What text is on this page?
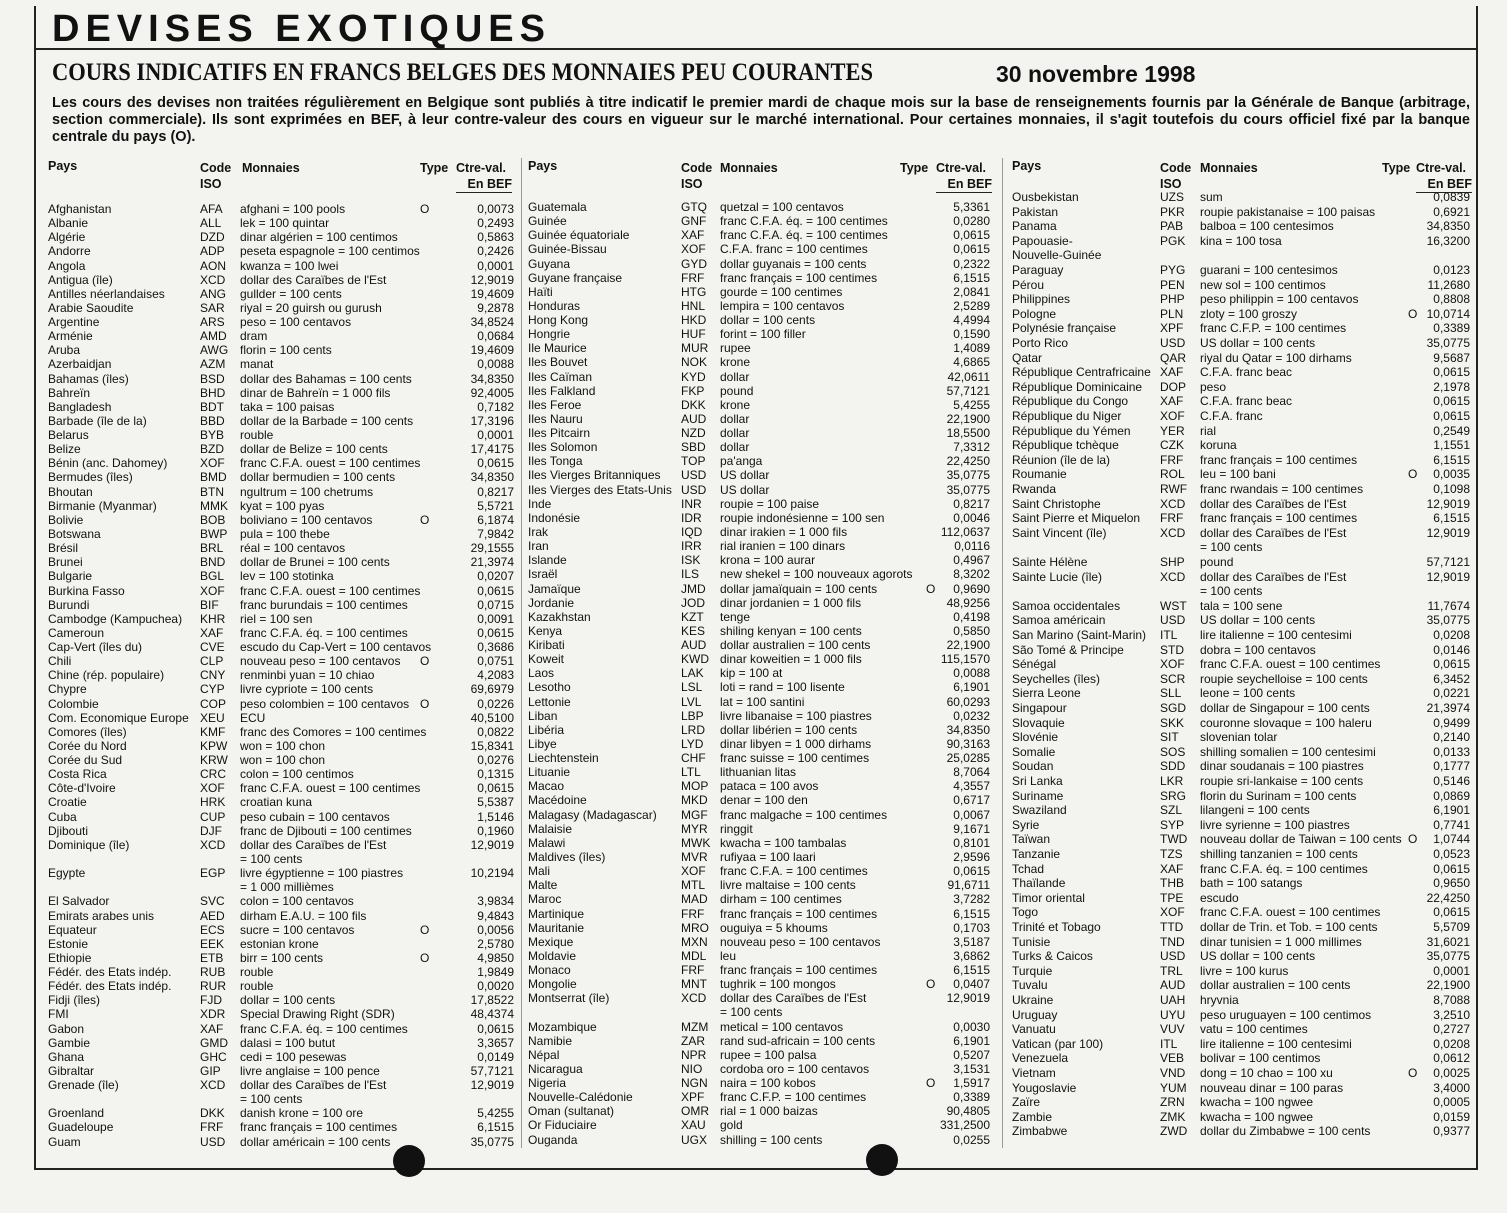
DEVISES EXOTIQUES
COURS INDICATIFS EN FRANCS BELGES DES MONNAIES PEU COURANTES	30 novembre 1998

Les cours des devises non traitées régulièrement en Belgique sont publiés à titre indicatif le premier mardi de chaque mois sur la base de renseignements fournis par la Générale de Banque (arbitrage, section commerciale). Ils sont exprimées en BEF, à leur contre-valeur des cours en vigueur sur le marché international. Pour certaines monnaies, il s'agit toutefois du cours officiel fixé par la banque centrale du pays (O).

Pays	Code
ISO
Monnaies	Type Ctre-val.
En BEF
Afghanistan	AFA	afghani = 100 pools	O	0,0073
Albanie	ALL	lek = 100 quintar	0,2493
Algérie	DZD	dinar algérien = 100 centimos	0,5863
Andorre	ADP	peseta espagnole = 100 centimos	0,2426
Angola	AON	kwanza = 100 lwei	0,0001
Antigua (île)	XCD	dollar des Caraïbes de l'Est	12,9019
Antilles néerlandaises	ANG	gullder = 100 cents	19,4609
Arabie Saoudite	SAR	riyal = 20 guirsh ou gurush	9,2878
Argentine	ARS	peso = 100 centavos	34,8524
Arménie	AMD	dram	0,0684
Aruba	AWG florin = 100 cents	19,4609
Azerbaidjan	AZM	manat	0,0088
Bahamas (îles)	BSD	dollar des Bahamas = 100 cents	34,8350
Bahreïn	BHD	dinar de Bahreïn = 1 000 fils	92,4005
Bangladesh	BDT	taka = 100 paisas	0,7182
Barbade (île de la)	BBD	dollar de la Barbade = 100 cents	17,3196
Belarus	BYB	rouble	0,0001
Belize	BZD	dollar de Belize = 100 cents	17,4175
Bénin (anc. Dahomey)	XOF	franc C.F.A. ouest = 100 centimes	0,0615
Bermudes (îles)	BMD	dollar bermudien = 100 cents	34,8350
Bhoutan	BTN	ngultrum = 100 chetrums	0,8217
Birmanie (Myanmar)	MMK	kyat = 100 pyas	5,5721
Bolivie	BOB	boliviano = 100 centavos	O	6,1874
Botswana	BWP	pula = 100 thebe	7,9842
Brésil	BRL	réal = 100 centavos	29,1555
Brunei	BND	dollar de Brunei = 100 cents	21,3974
Bulgarie	BGL	lev = 100 stotinka	0,0207
Burkina Fasso	XOF	franc C.F.A. ouest = 100 centimes	0,0615
Burundi	BIF	franc burundais = 100 centimes	0,0715
Cambodge (Kampuchea)	KHR	riel = 100 sen	0,0091
Cameroun	XAF	franc C.F.A. éq. = 100 centimes	0,0615
Cap-Vert (îles du)	CVE	escudo du Cap-Vert = 100 centavos	0,3686
Chili	CLP	nouveau peso = 100 centavos	O	0,0751
Chine (rép. populaire)	CNY	renminbi yuan = 10 chiao	4,2083
Chypre	CYP	livre cypriote = 100 cents	69,6979
Colombie	COP	peso colombien = 100 centavos O	0,0226
Com. Economique Europe XEU	ECU	40,5100
Comores (îles)	KMF	franc des Comores = 100 centimes	0,0822
Corée du Nord	KPW	won = 100 chon	15,8341
Corée du Sud	KRW	won = 100 chon	0,0276
Costa Rica	CRC	colon = 100 centimos	0,1315
Côte-d'Ivoire	XOF	franc C.F.A. ouest = 100 centimes	0,0615
Croatie	HRK	croatian kuna	5,5387
Cuba	CUP	peso cubain = 100 centavos	1,5146
Djibouti	DJF	franc de Djibouti = 100 centimes	0,1960
Dominique (île)	XCD	dollar des Caraïbes de l'Est	12,9019
= 100 cents
Egypte	EGP	livre égyptienne = 100 piastres	10,2194
= 1 000 millièmes
El Salvador	SVC	colon = 100 centavos	3,9834
Emirats arabes unis	AED	dirham E.A.U. = 100 fils	9,4843
Equateur	ECS	sucre = 100 centavos	O	0,0056
Estonie	EEK	estonian krone	2,5780
Ethiopie	ETB	birr = 100 cents	O	4,9850
Fédér. des Etats indép.	RUB	rouble	1,9849
Fédér. des Etats indép.	RUR	rouble	0,0020
Fidji (îles)	FJD	dollar = 100 cents	17,8522
FMI	XDR	Special Drawing Right (SDR)	48,4374
Gabon	XAF	franc C.F.A. éq. = 100 centimes	0,0615
Gambie	GMD	dalasi = 100 butut	3,3657
Ghana	GHC	cedi = 100 pesewas	0,0149
Gibraltar	GIP	livre anglaise = 100 pence	57,7121
Grenade (île)	XCD	dollar des Caraïbes de l'Est	12,9019
= 100 cents
Groenland	DKK	danish krone = 100 ore	5,4255
Guadeloupe	FRF	franc français = 100 centimes	6,1515
Guam	USD	dollar américain = 100 cents	35,0775
Pays	Code
ISO
Monnaies	Type Ctre-val.
En BEF
Guatemala	GTQ	quetzal = 100 centavos	5,3361
Guinée	GNF	franc C.F.A. éq. = 100 centimes	0,0280
Guinée équatoriale	XAF	franc C.F.A. éq. = 100 centimes	0,0615
Guinée-Bissau	XOF	C.F.A. franc = 100 centimes	0,0615
Guyana	GYD	dollar guyanais = 100 cents	0,2322
Guyane française	FRF	franc français = 100 centimes	6,1515
Haïti	HTG	gourde = 100 centimes	2,0841
Honduras	HNL	lempira = 100 centavos	2,5289
Hong Kong	HKD	dollar = 100 cents	4,4994
Hongrie	HUF	forint = 100 filler	0,1590
Ile Maurice	MUR rupee	1,4089
Iles Bouvet	NOK	krone	4,6865
Iles Caïman	KYD	dollar	42,0611
Iles Falkland	FKP	pound	57,7121
Iles Feroe	DKK	krone	5,4255
Iles Nauru	AUD	dollar	22,1900
Iles Pitcairn	NZD	dollar	18,5500
Iles Solomon	SBD	dollar	7,3312
Iles Tonga	TOP	pa'anga	22,4250
Iles Vierges Britanniques	USD	US dollar	35,0775
Iles Vierges des Etats-Unis USD	US dollar	35,0775
Inde	INR	roupie = 100 paise	0,8217
Indonésie	IDR	roupie indonésienne = 100 sen	0,0046
Irak	IQD	dinar irakien = 1 000 fils	112,0637
Iran	IRR	rial iranien = 100 dinars	0,0116
Islande	ISK	krona = 100 aurar	0,4967
Israël	ILS	new shekel = 100 nouveaux agorots	8,3202
Jamaïque	JMD	dollar jamaïquain = 100 cents	O	0,9690
Jordanie	JOD	dinar jordanien = 1 000 fils	48,9256
Kazakhstan	KZT	tenge	0,4198
Kenya	KES	shiling kenyan = 100 cents	0,5850
Kiribati	AUD	dollar australien = 100 cents	22,1900
Koweit	KWD dinar koweitien = 1 000 fils	115,1570
Laos	LAK	kip = 100 at	0,0088
Lesotho	LSL	loti = rand = 100 lisente	6,1901
Lettonie	LVL	lat = 100 santini	60,0293
Liban	LBP	livre libanaise = 100 piastres	0,0232
Libéria	LRD	dollar libérien = 100 cents	34,8350
Libye	LYD	dinar libyen = 1 000 dirhams	90,3163
Liechtenstein	CHF	franc suisse = 100 centimes	25,0285
Lituanie	LTL	lithuanian litas	8,7064
Macao	MOP pataca = 100 avos	4,3557
Macédoine	MKD	denar = 100 den	0,6717
Malagasy (Madagascar)	MGF	franc malgache = 100 centimes	0,0067
Malaisie	MYR	ringgit	9,1671
Malawi	MWK kwacha = 100 tambalas	0,8101
Maldives (îles)	MVR	rufiyaa = 100 laari	2,9596
Mali	XOF	franc C.F.A. = 100 centimes	0,0615
Malte	MTL	livre maltaise = 100 cents	91,6711
Maroc	MAD	dirham = 100 centimes	3,7282
Martinique	FRF	franc français = 100 centimes	6,1515
Mauritanie	MRO ouguiya = 5 khoums	0,1703
Mexique	MXN	nouveau peso = 100 centavos	3,5187
Moldavie	MDL	leu	3,6862
Monaco	FRF	franc français = 100 centimes	6,1515
Mongolie	MNT	tughrik = 100 mongos	O	0,0407
Montserrat (île)	XCD	dollar des Caraïbes de l'Est	12,9019
= 100 cents
Mozambique	MZM metical = 100 centavos	0,0030
Namibie	ZAR	rand sud-africain = 100 cents	6,1901
Népal	NPR	rupee = 100 palsa	0,5207
Nicaragua	NIO	cordoba oro = 100 centavos	3,1531
Nigeria	NGN	naira = 100 kobos	O	1,5917
Nouvelle-Calédonie	XPF	franc C.F.P. = 100 centimes	0,3389
Oman (sultanat)	OMR rial = 1 000 baizas	90,4805
Or Fiduciaire	XAU	gold	331,2500
Ouganda	UGX	shilling = 100 cents	0,0255
Pays	Code
ISO
Monnaies	Type Ctre-val.
En BEF
Ousbekistan	UZS	sum	0,0839
Pakistan	PKR	roupie pakistanaise = 100 paisas	0,6921
Panama	PAB	balboa = 100 centesimos	34,8350
Papouasie-	PGK	kina = 100 tosa	16,3200
Nouvelle-Guinée
Paraguay	PYG	guarani = 100 centesimos	0,0123
Pérou	PEN	new sol = 100 centimos	11,2680
Philippines	PHP	peso philippin = 100 centavos	0,8808
Pologne	PLN	zloty = 100 groszy	O 10,0714
Polynésie française	XPF	franc C.F.P. = 100 centimes	0,3389
Porto Rico	USD	US dollar = 100 cents	35,0775
Qatar	QAR	riyal du Qatar = 100 dirhams	9,5687
République Centrafricaine XAF	C.F.A. franc beac	0,0615
République Dominicaine	DOP	peso	2,1978
République du Congo	XAF	C.F.A. franc beac	0,0615
République du Niger	XOF	C.F.A. franc	0,0615
République du Yémen	YER	rial	0,2549
République tchèque	CZK	koruna	1,1551
Réunion (île de la)	FRF	franc français = 100 centimes	6,1515
Roumanie	ROL	leu = 100 bani	O	0,0035
Rwanda	RWF	franc rwandais = 100 centimes	0,1098
Saint Christophe	XCD	dollar des Caraïbes de l'Est	12,9019
Saint Pierre et Miquelon	FRF	franc français = 100 centimes	6,1515
Saint Vincent (île)	XCD	dollar des Caraïbes de l'Est	12,9019
= 100 cents
Sainte Hélène	SHP	pound	57,7121
Sainte Lucie (île)	XCD	dollar des Caraïbes de l'Est	12,9019
= 100 cents
Samoa occidentales	WST	tala = 100 sene	11,7674
Samoa américain	USD	US dollar = 100 cents	35,0775
San Marino (Saint-Marin)	ITL	lire italienne = 100 centesimi	0,0208
São Tomé & Principe	STD	dobra = 100 centavos	0,0146
Sénégal	XOF	franc C.F.A. ouest = 100 centimes	0,0615
Seychelles (îles)	SCR	roupie seychelloise = 100 cents	6,3452
Sierra Leone	SLL	leone = 100 cents	0,0221
Singapour	SGD	dollar de Singapour = 100 cents	21,3974
Slovaquie	SKK	couronne slovaque = 100 haleru	0,9499
Slovénie	SIT	slovenian tolar	0,2140
Somalie	SOS	shilling somalien = 100 centesimi	0,0133
Soudan	SDD	dinar soudanais = 100 piastres	0,1777
Sri Lanka	LKR	roupie sri-lankaise = 100 cents	0,5146
Suriname	SRG	florin du Surinam = 100 cents	0,0869
Swaziland	SZL	lilangeni = 100 cents	6,1901
Syrie	SYP	livre syrienne = 100 piastres	0,7741
Taïwan	TWD	nouveau dollar de Taiwan = 100 cents O	1,0744
Tanzanie	TZS	shilling tanzanien = 100 cents	0,0523
Tchad	XAF	franc C.F.A. éq. = 100 centimes	0,0615
Thaïlande	THB	bath = 100 satangs	0,9650
Timor oriental	TPE	escudo	22,4250
Togo	XOF	franc C.F.A. ouest = 100 centimes	0,0615
Trinité et Tobago	TTD	dollar de Trin. et Tob. = 100 cents	5,5709
Tunisie	TND	dinar tunisien = 1 000 millimes	31,6021
Turks & Caicos	USD	US dollar = 100 cents	35,0775
Turquie	TRL	livre = 100 kurus	0,0001
Tuvalu	AUD	dollar australien = 100 cents	22,1900
Ukraine	UAH	hryvnia	8,7088
Uruguay	UYU	peso uruguayen = 100 centimos	3,2510
Vanuatu	VUV	vatu = 100 centimes	0,2727
Vatican (par 100)	ITL	lire italienne = 100 centesimi	0,0208
Venezuela	VEB	bolivar = 100 centimos	0,0612
Vietnam	VND	dong = 10 chao = 100 xu	O	0,0025
Yougoslavie	YUM	nouveau dinar = 100 paras	3,4000
Zaïre	ZRN	kwacha = 100 ngwee	0,0005
Zambie	ZMK	kwacha = 100 ngwee	0,0159
Zimbabwe	ZWD	dollar du Zimbabwe = 100 cents	0,9377
